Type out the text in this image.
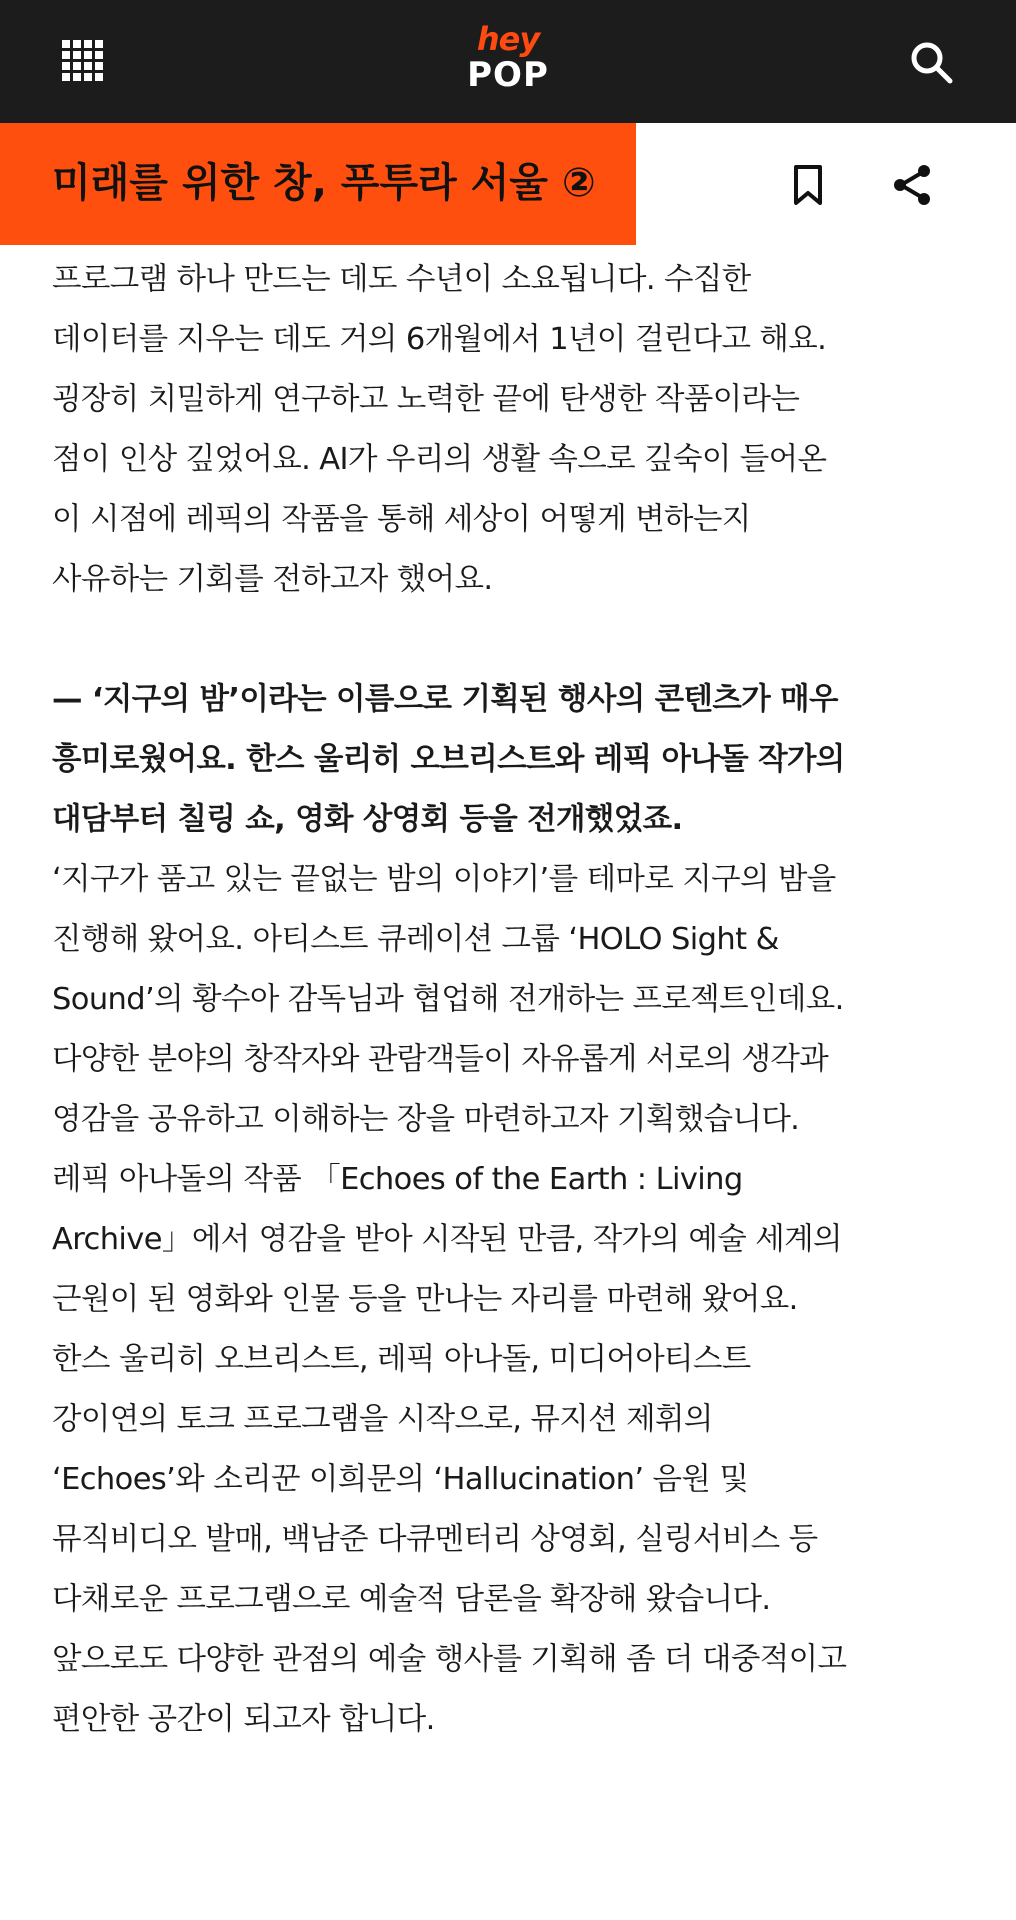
hey
POP
미래를 위한 창, 푸투라 서울 ②
프로그램 하나 만드는 데도 수년이 소요됩니다. 수집한
데이터를 지우는 데도 거의 6개월에서 1년이 걸린다고 해요.
굉장히 치밀하게 연구하고 노력한 끝에 탄생한 작품이라는
점이 인상 깊었어요. AI가 우리의 생활 속으로 깊숙이 들어온
이 시점에 레픽의 작품을 통해 세상이 어떻게 변하는지
사유하는 기회를 전하고자 했어요.
— ‘지구의 밤’이라는 이름으로 기획된 행사의 콘텐츠가 매우
흥미로웠어요. 한스 울리히 오브리스트와 레픽 아나돌 작가의
대담부터 칠링 쇼, 영화 상영회 등을 전개했었죠.
‘지구가 품고 있는 끝없는 밤의 이야기’를 테마로 지구의 밤을
진행해 왔어요. 아티스트 큐레이션 그룹 ‘HOLO Sight &
Sound’의 황수아 감독님과 협업해 전개하는 프로젝트인데요.
다양한 분야의 창작자와 관람객들이 자유롭게 서로의 생각과
영감을 공유하고 이해하는 장을 마련하고자 기획했습니다.
레픽 아나돌의 작품 「Echoes of the Earth : Living
Archive」에서 영감을 받아 시작된 만큼, 작가의 예술 세계의
근원이 된 영화와 인물 등을 만나는 자리를 마련해 왔어요.
한스 울리히 오브리스트, 레픽 아나돌, 미디어아티스트
강이연의 토크 프로그램을 시작으로, 뮤지션 제휘의
‘Echoes’와 소리꾼 이희문의 ‘Hallucination’ 음원 및
뮤직비디오 발매, 백남준 다큐멘터리 상영회, 실링서비스 등
다채로운 프로그램으로 예술적 담론을 확장해 왔습니다.
앞으로도 다양한 관점의 예술 행사를 기획해 좀 더 대중적이고
편안한 공간이 되고자 합니다.
